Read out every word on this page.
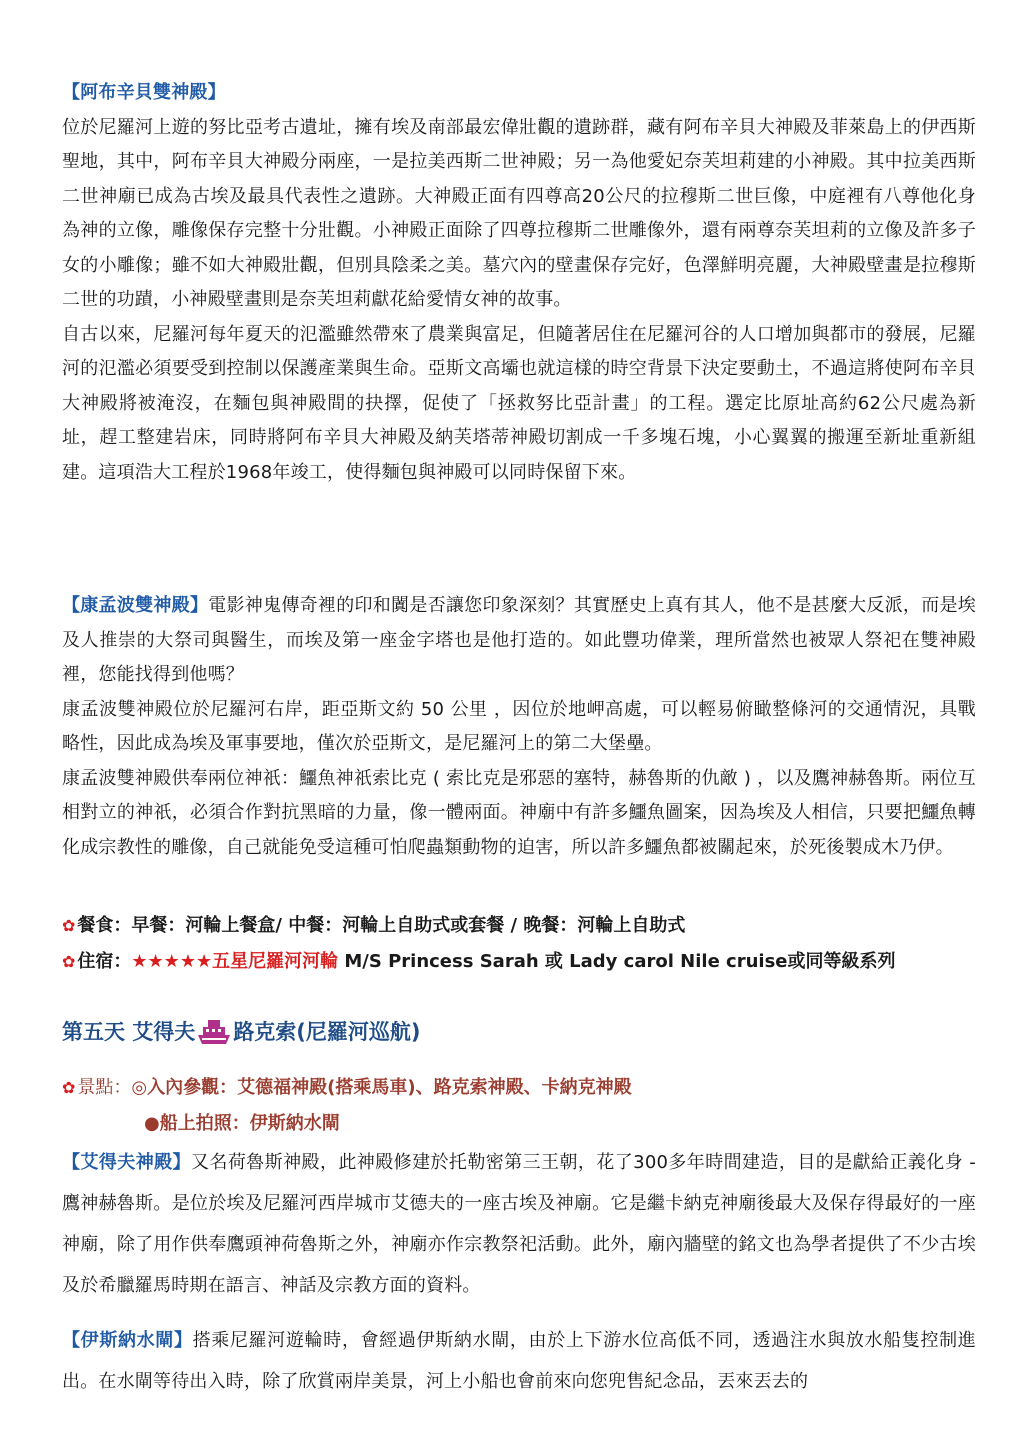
【阿布辛貝雙神殿】

位於尼羅河上遊的努比亞考古遺址，擁有埃及南部最宏偉壯觀的遺跡群，藏有阿布辛貝大神殿及菲萊島上的伊西斯聖地，其中，阿布辛貝大神殿分兩座，一是拉美西斯二世神殿；另一為他愛妃奈芙坦莉建的小神殿。其中拉美西斯二世神廟已成為古埃及最具代表性之遺跡。大神殿正面有四尊高20公尺的拉穆斯二世巨像，中庭裡有八尊他化身為神的立像，雕像保存完整十分壯觀。小神殿正面除了四尊拉穆斯二世雕像外，還有兩尊奈芙坦莉的立像及許多子女的小雕像；雖不如大神殿壯觀，但別具陰柔之美。墓穴內的壁畫保存完好，色澤鮮明亮麗，大神殿壁畫是拉穆斯二世的功蹟，小神殿壁畫則是奈芙坦莉獻花給愛情女神的故事。

自古以來，尼羅河每年夏天的氾濫雖然帶來了農業與富足，但隨著居住在尼羅河谷的人口增加與都市的發展，尼羅河的氾濫必須要受到控制以保護產業與生命。亞斯文高壩也就這樣的時空背景下決定要動土，不過這將使阿布辛貝大神殿將被淹沒，在麵包與神殿間的抉擇，促使了「拯救努比亞計畫」的工程。選定比原址高約62公尺處為新址，趕工整建岩床，同時將阿布辛貝大神殿及納芙塔蒂神殿切割成一千多塊石塊，小心翼翼的搬運至新址重新組建。這項浩大工程於1968年竣工，使得麵包與神殿可以同時保留下來。

【康孟波雙神殿】電影神鬼傳奇裡的印和闐是否讓您印象深刻？其實歷史上真有其人，他不是甚麼大反派，而是埃及人推崇的大祭司與醫生，而埃及第一座金字塔也是他打造的。如此豐功偉業，理所當然也被眾人祭祀在雙神殿裡，您能找得到他嗎？

康孟波雙神殿位於尼羅河右岸，距亞斯文約 50 公里 ，因位於地岬高處，可以輕易俯瞰整條河的交通情況，具戰略性，因此成為埃及軍事要地，僅次於亞斯文，是尼羅河上的第二大堡壘。

康孟波雙神殿供奉兩位神祇：鱷魚神祇索比克 ( 索比克是邪惡的塞特，赫魯斯的仇敵 ) ，以及鷹神赫魯斯。兩位互相對立的神祇，必須合作對抗黑暗的力量，像一體兩面。神廟中有許多鱷魚圖案，因為埃及人相信，只要把鱷魚轉化成宗教性的雕像，自己就能免受這種可怕爬蟲類動物的迫害，所以許多鱷魚都被關起來，於死後製成木乃伊。

✿ 餐食：早餐：河輪上餐盒/ 中餐：河輪上自助式或套餐 / 晚餐：河輪上自助式

✿ 住宿：★★★★★五星尼羅河河輪 M/S Princess Sarah 或 Lady carol Nile cruise或同等級系列

第五天 艾得夫 路克索(尼羅河巡航)

✿ 景點：◎入內參觀：艾德福神殿(搭乘馬車)、路克索神殿、卡納克神殿

●船上拍照：伊斯納水閘

【艾得夫神殿】又名荷魯斯神殿，此神殿修建於托勒密第三王朝，花了300多年時間建造，目的是獻給正義化身 - 鷹神赫魯斯。是位於埃及尼羅河西岸城市艾德夫的一座古埃及神廟。它是繼卡納克神廟後最大及保存得最好的一座神廟，除了用作供奉鷹頭神荷魯斯之外，神廟亦作宗教祭祀活動。此外，廟內牆壁的銘文也為學者提供了不少古埃及於希臘羅馬時期在語言、神話及宗教方面的資料。

【伊斯納水閘】搭乘尼羅河遊輪時，會經過伊斯納水閘，由於上下游水位高低不同，透過注水與放水船隻控制進出。在水閘等待出入時，除了欣賞兩岸美景，河上小船也會前來向您兜售紀念品，丟來丟去的
